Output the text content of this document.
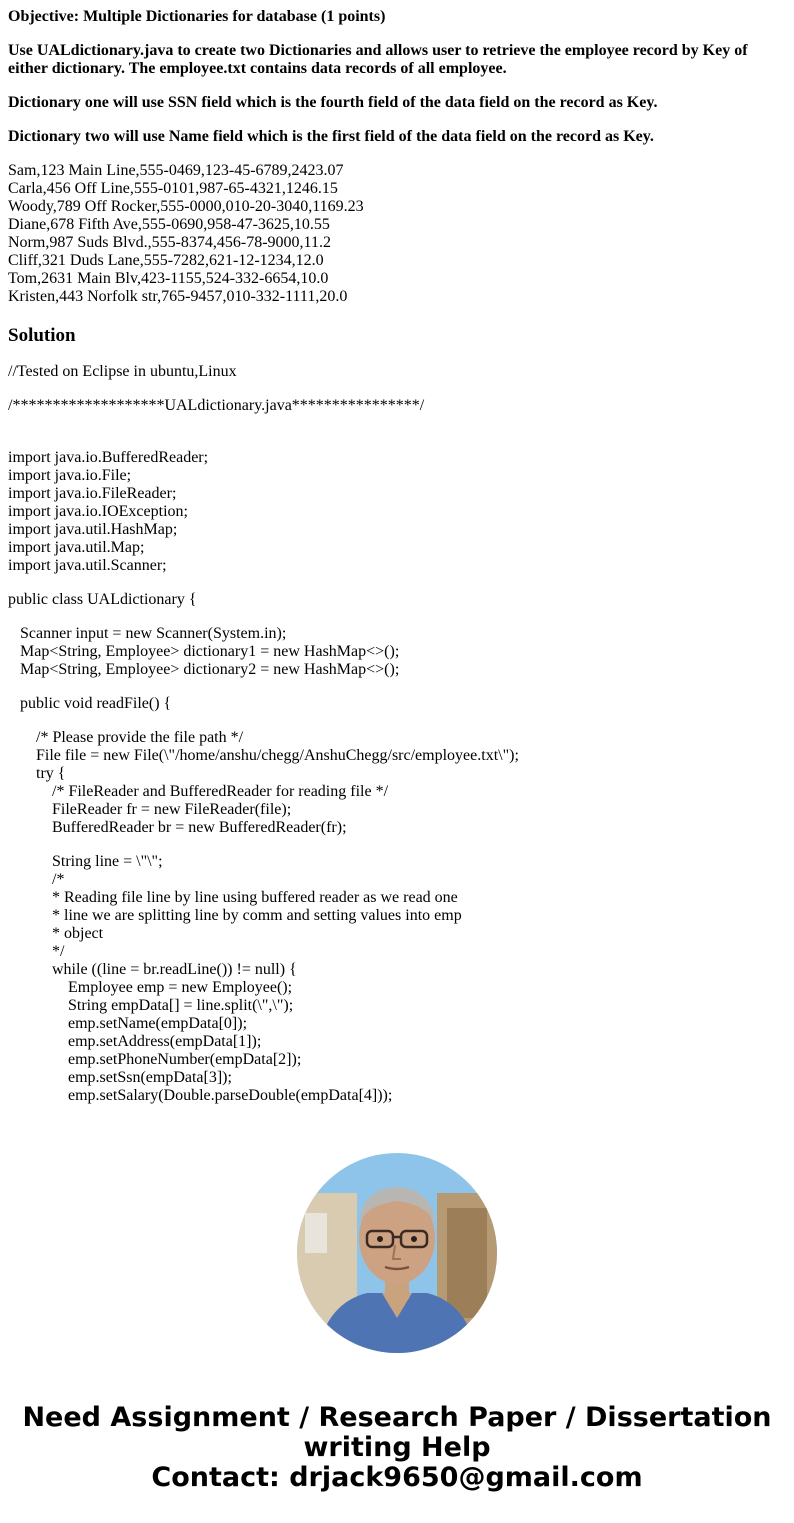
Objective: Multiple Dictionaries for database (1 points)

Use UALdictionary.java to create two Dictionaries and allows user to retrieve the employee record by Key of either dictionary. The employee.txt contains data records of all employee.

Dictionary one will use SSN field which is the fourth field of the data field on the record as Key.

Dictionary two will use Name field which is the first field of the data field on the record as Key.

Sam,123 Main Line,555-0469,123-45-6789,2423.07
Carla,456 Off Line,555-0101,987-65-4321,1246.15
Woody,789 Off Rocker,555-0000,010-20-3040,1169.23
Diane,678 Fifth Ave,555-0690,958-47-3625,10.55
Norm,987 Suds Blvd.,555-8374,456-78-9000,11.2
Cliff,321 Duds Lane,555-7282,621-12-1234,12.0
Tom,2631 Main Blv,423-1155,524-332-6654,10.0
Kristen,443 Norfolk str,765-9457,010-332-1111,20.0
Solution

//Tested on Eclipse in ubuntu,Linux

/*******************UALdictionary.java****************/

import java.io.BufferedReader;
import java.io.File;
import java.io.FileReader;
import java.io.IOException;
import java.util.HashMap;
import java.util.Map;
import java.util.Scanner;

public class UALdictionary {

Scanner input = new Scanner(System.in);
Map<String, Employee> dictionary1 = new HashMap<>();
Map<String, Employee> dictionary2 = new HashMap<>();

public void readFile() {

/* Please provide the file path */
File file = new File(\"/home/anshu/chegg/AnshuChegg/src/employee.txt\");
try {
/* FileReader and BufferedReader for reading file */
FileReader fr = new FileReader(file);
BufferedReader br = new BufferedReader(fr);
String line = \"\";
/*
* Reading file line by line using buffered reader as we read one
* line we are splitting line by comm and setting values into emp
* object
*/
while ((line = br.readLine()) != null) {
Employee emp = new Employee();
String empData[] = line.split(\",\");
emp.setName(empData[0]);
emp.setAddress(empData[1]);
emp.setPhoneNumber(empData[2]);
emp.setSsn(empData[3]);
emp.setSalary(Double.parseDouble(empData[4]));
Need Assignment / Research Paper / Dissertation
writing Help
Contact: drjack9650@gmail.com
